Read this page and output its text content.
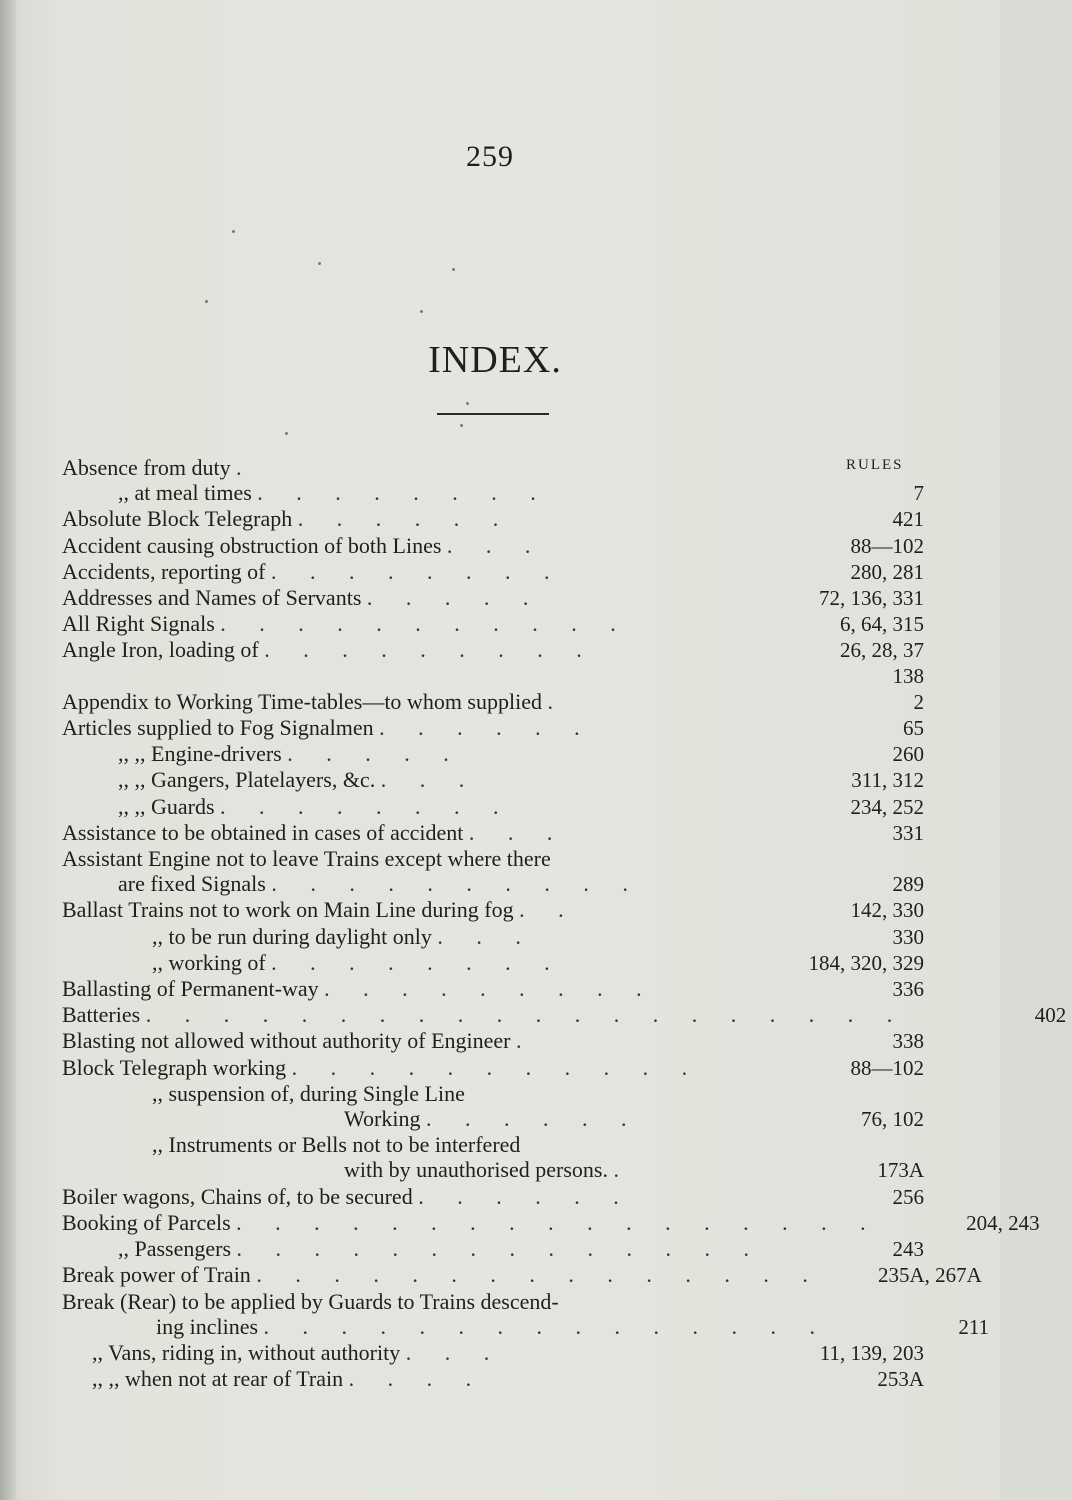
259
INDEX.
RULES
Absence from duty .
,, at meal times . . . . . . . .	7
Absolute Block Telegraph . . . . . .	421
Accident causing obstruction of both Lines . . .	88—102
Accidents, reporting of . . . . . . . .	280, 281
Addresses and Names of Servants . . . . .	72, 136, 331
All Right Signals . . . . . . . . . . .	6, 64, 315
Angle Iron, loading of . . . . . . . . .	26, 28, 37
138
Appendix to Working Time-tables—to whom supplied .	2
Articles supplied to Fog Signalmen . . . . . .	65
,, ,, Engine-drivers . . . . .	260
,, ,, Gangers, Platelayers, &c. . . .	311, 312
,, ,, Guards . . . . . . . .	234, 252
Assistance to be obtained in cases of accident . . .	331
Assistant Engine not to leave Trains except where there
are fixed Signals . . . . . . . . . .	289
Ballast Trains not to work on Main Line during fog . .	142, 330
,, to be run during daylight only . . .	330
,, working of . . . . . . . .	184, 320, 329
Ballasting of Permanent-way . . . . . . . . .	336
Batteries . . . . . . . . . . . . . . . . . . . .	402
Blasting not allowed without authority of Engineer .	338
Block Telegraph working . . . . . . . . . . .	88—102
,, suspension of, during Single Line
Working . . . . . .	76, 102
,, Instruments or Bells not to be interfered
with by unauthorised persons. .	173A
Boiler wagons, Chains of, to be secured . . . . . .	256
Booking of Parcels . . . . . . . . . . . . . . . . .	204, 243
,, Passengers . . . . . . . . . . . . . .	243
Break power of Train . . . . . . . . . . . . . . .	235A, 267A
Break (Rear) to be applied by Guards to Trains descend-
ing inclines . . . . . . . . . . . . . . .	211
,, Vans, riding in, without authority . . .	11, 139, 203
,, ,, when not at rear of Train . . . .	253A
